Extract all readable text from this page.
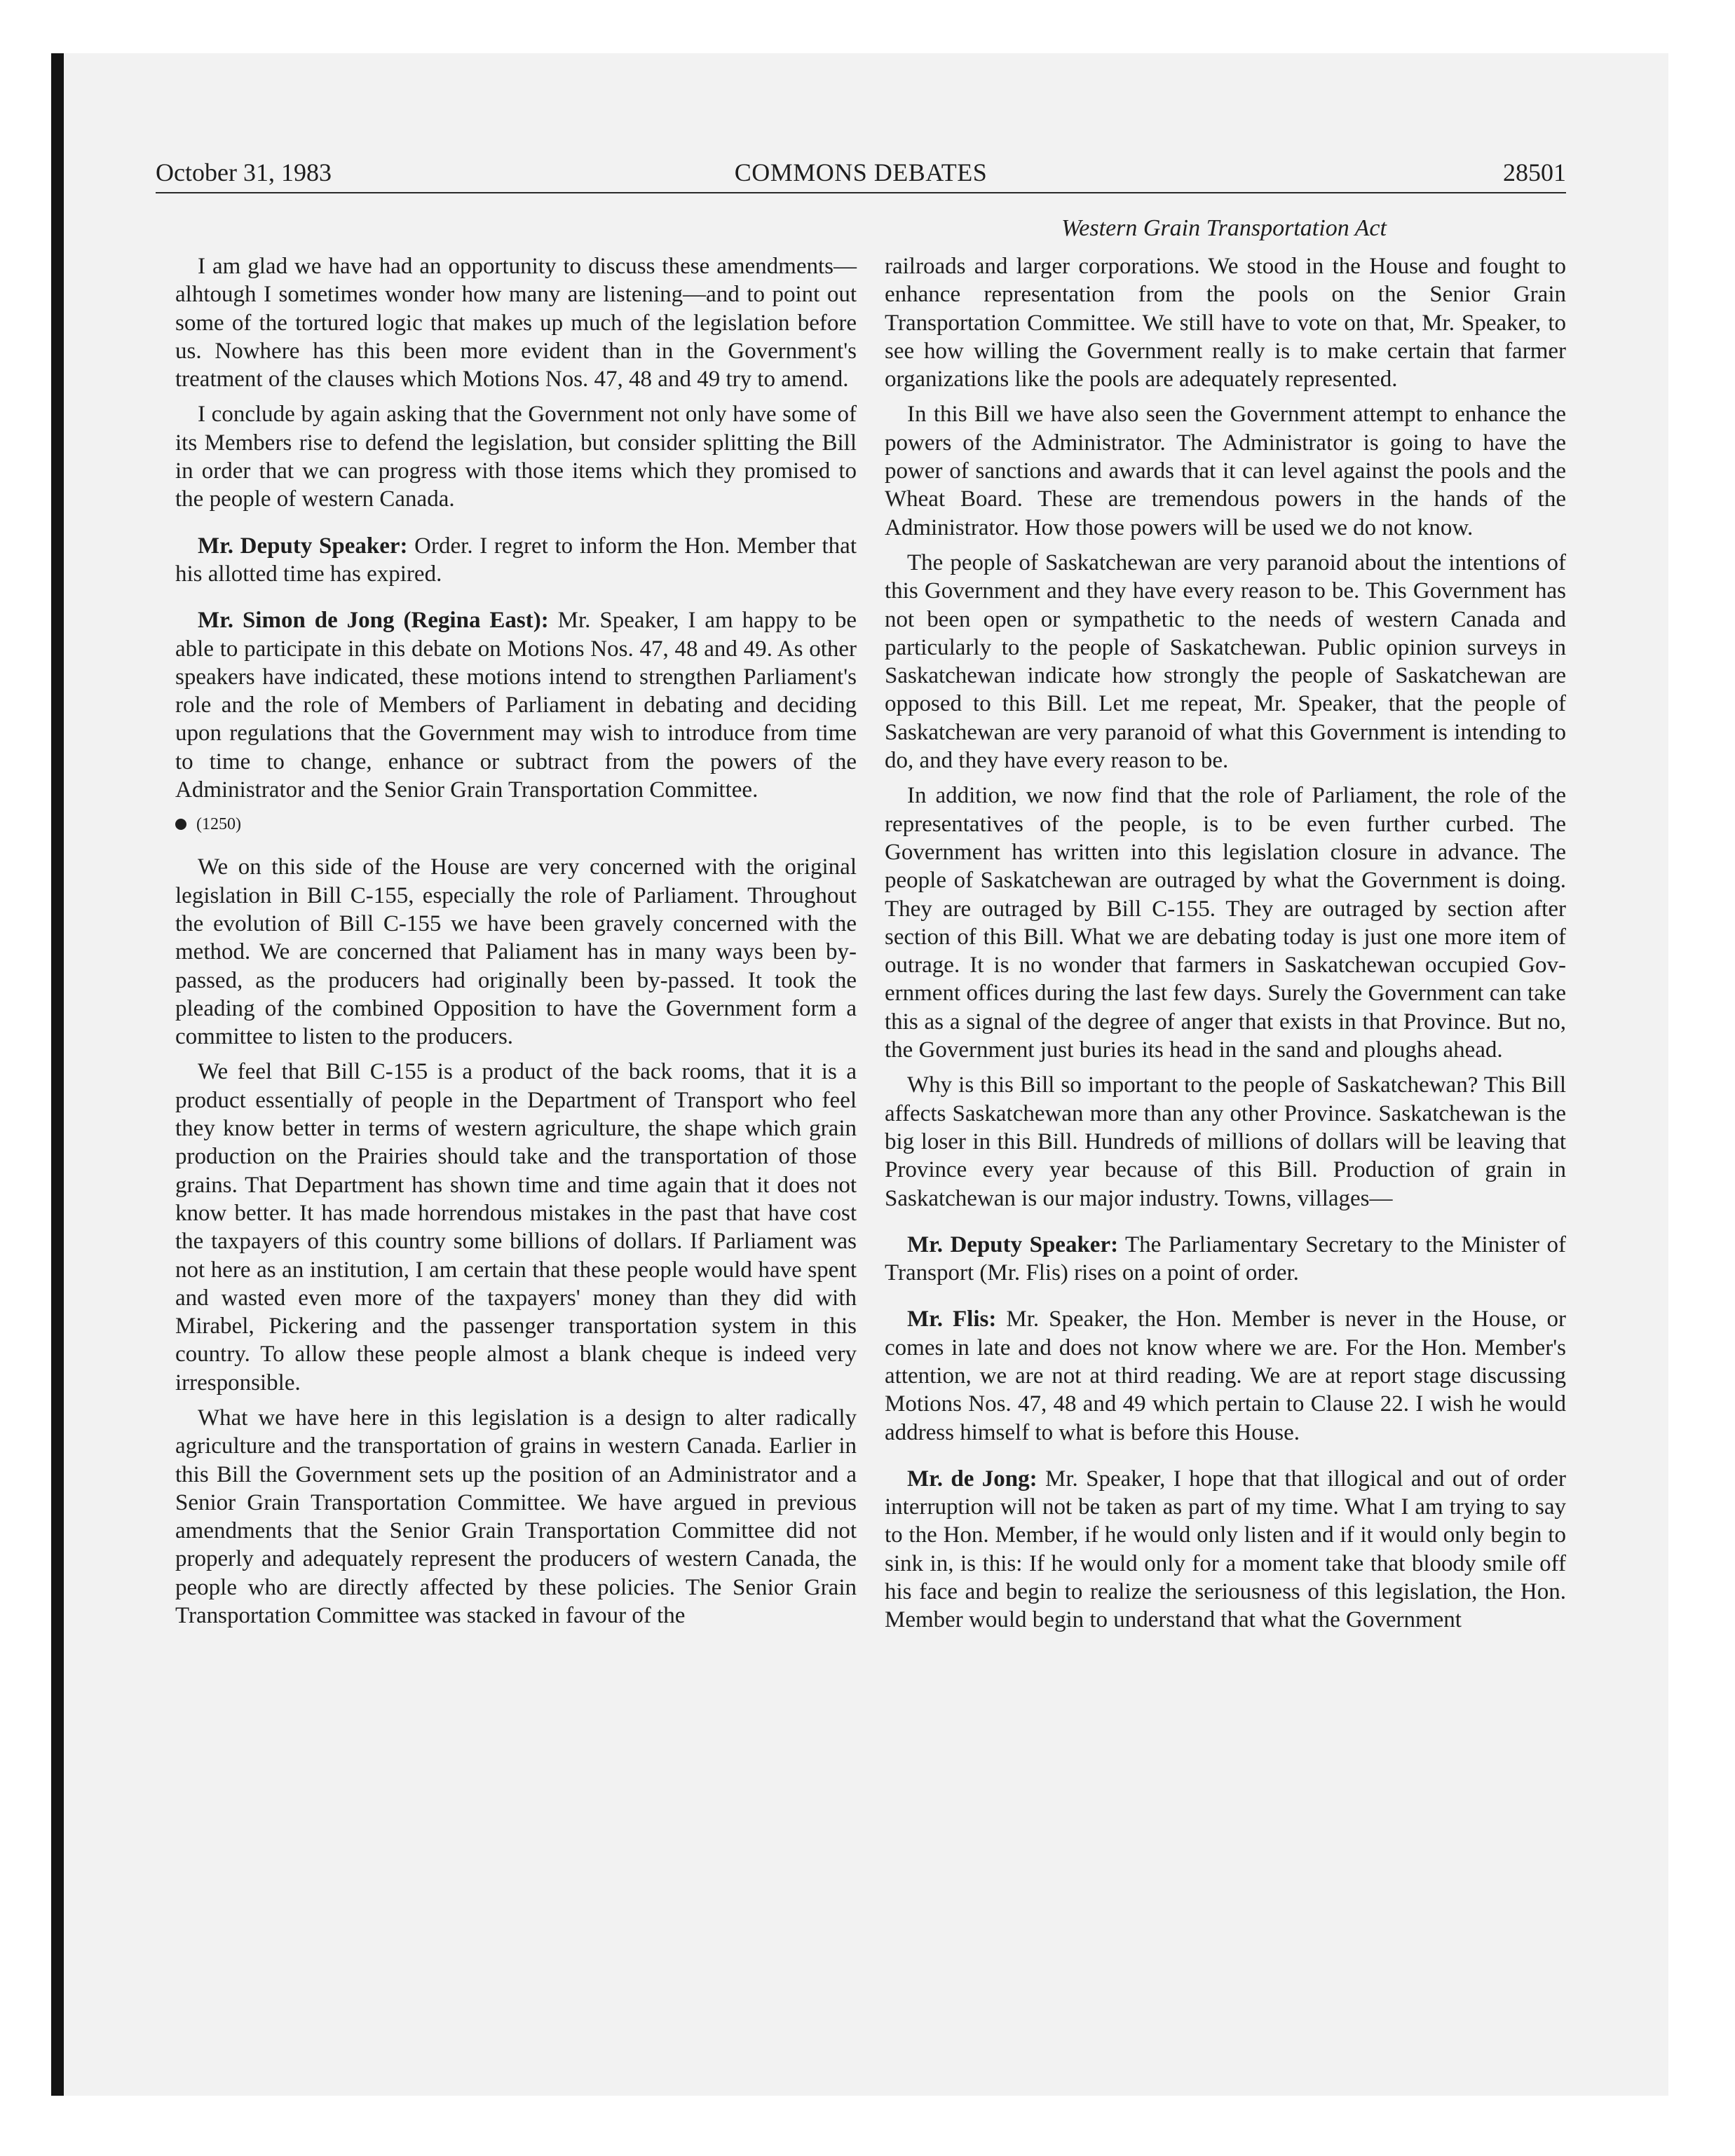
COMMONS DEBATES
October 31, 1983	28501
Western Grain Transportation Act

I am glad we have had an opportunity to discuss these amendments—alhtough I sometimes wonder how many are listening—and to point out some of the tortured logic that makes up much of the legislation before us. Nowhere has this been more evident than in the Government's treatment of the clauses which Motions Nos. 47, 48 and 49 try to amend.

I conclude by again asking that the Government not only have some of its Members rise to defend the legislation, but consider splitting the Bill in order that we can progress with those items which they promised to the people of western Canada.

Mr. Deputy Speaker: Order. I regret to inform the Hon. Member that his allotted time has expired.

Mr. Simon de Jong (Regina East): Mr. Speaker, I am happy to be able to participate in this debate on Motions Nos. 47, 48 and 49. As other speakers have indicated, these motions intend to strengthen Parliament's role and the role of Members of Parliament in debating and deciding upon regulations that the Government may wish to introduce from time to time to change, enhance or subtract from the powers of the Administrator and the Senior Grain Transportation Committee.

(1250)

We on this side of the House are very concerned with the original legislation in Bill C-155, especially the role of Parliament. Throughout the evolution of Bill C-155 we have been gravely concerned with the method. We are concerned that Paliament has in many ways been by-passed, as the producers had originally been by-passed. It took the pleading of the combined Opposition to have the Government form a committee to listen to the producers.

We feel that Bill C-155 is a product of the back rooms, that it is a product essentially of people in the Department of Transport who feel they know better in terms of western agriculture, the shape which grain production on the Prairies should take and the transportation of those grains. That Department has shown time and time again that it does not know better. It has made horrendous mistakes in the past that have cost the taxpayers of this country some billions of dollars. If Parliament was not here as an institution, I am certain that these people would have spent and wasted even more of the taxpayers' money than they did with Mirabel, Pickering and the passenger transportation system in this country. To allow these people almost a blank cheque is indeed very irresponsible.

What we have here in this legislation is a design to alter radically agriculture and the transportation of grains in western Canada. Earlier in this Bill the Government sets up the position of an Administrator and a Senior Grain Transportation Committee. We have argued in previous amendments that the Senior Grain Transportation Committee did not properly and adequately represent the producers of western Canada, the people who are directly affected by these policies. The Senior Grain Transportation Committee was stacked in favour of the

railroads and larger corporations. We stood in the House and fought to enhance representation from the pools on the Senior Grain Transportation Committee. We still have to vote on that, Mr. Speaker, to see how willing the Government really is to make certain that farmer organizations like the pools are adequately represented.

In this Bill we have also seen the Government attempt to enhance the powers of the Administrator. The Administrator is going to have the power of sanctions and awards that it can level against the pools and the Wheat Board. These are tremendous powers in the hands of the Administrator. How those powers will be used we do not know.

The people of Saskatchewan are very paranoid about the intentions of this Government and they have every reason to be. This Government has not been open or sympathetic to the needs of western Canada and particularly to the people of Saskatchewan. Public opinion surveys in Saskatchewan indicate how strongly the people of Saskatchewan are opposed to this Bill. Let me repeat, Mr. Speaker, that the people of Saskatchewan are very paranoid of what this Government is intending to do, and they have every reason to be.

In addition, we now find that the role of Parliament, the role of the representatives of the people, is to be even further curbed. The Government has written into this legislation closure in advance. The people of Saskatchewan are outraged by what the Government is doing. They are outraged by Bill C-155. They are outraged by section after section of this Bill. What we are debating today is just one more item of outrage. It is no wonder that farmers in Saskatchewan occupied Government offices during the last few days. Surely the Government can take this as a signal of the degree of anger that exists in that Province. But no, the Government just buries its head in the sand and ploughs ahead.

Why is this Bill so important to the people of Saskatchewan? This Bill affects Saskatchewan more than any other Province. Saskatchewan is the big loser in this Bill. Hundreds of millions of dollars will be leaving that Province every year because of this Bill. Production of grain in Saskatchewan is our major industry. Towns, villages—

Mr. Deputy Speaker: The Parliamentary Secretary to the Minister of Transport (Mr. Flis) rises on a point of order.

Mr. Flis: Mr. Speaker, the Hon. Member is never in the House, or comes in late and does not know where we are. For the Hon. Member's attention, we are not at third reading. We are at report stage discussing Motions Nos. 47, 48 and 49 which pertain to Clause 22. I wish he would address himself to what is before this House.

Mr. de Jong: Mr. Speaker, I hope that that illogical and out of order interruption will not be taken as part of my time. What I am trying to say to the Hon. Member, if he would only listen and if it would only begin to sink in, is this: If he would only for a moment take that bloody smile off his face and begin to realize the seriousness of this legislation, the Hon. Member would begin to understand that what the Government
